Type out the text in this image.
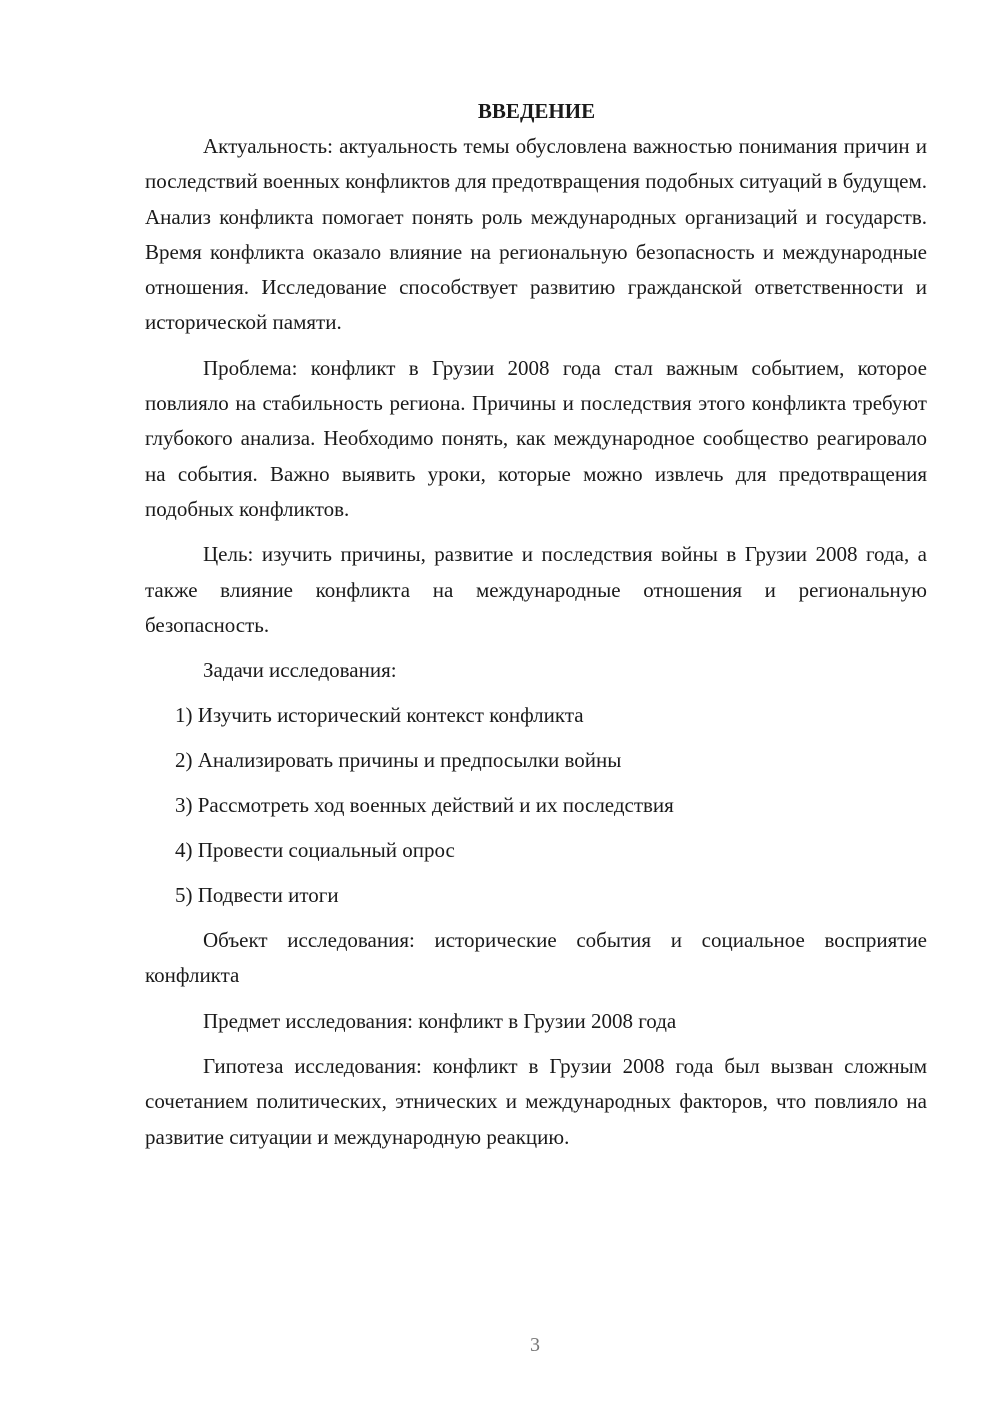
ВВЕДЕНИЕ

Актуальность: актуальность темы обусловлена важностью понимания причин и последствий военных конфликтов для предотвращения подобных ситуаций в будущем. Анализ конфликта помогает понять роль международных организаций и государств. Время конфликта оказало влияние на региональную безопасность и международные отношения. Исследование способствует развитию гражданской ответственности и исторической памяти.

Проблема: конфликт в Грузии 2008 года стал важным событием, которое повлияло на стабильность региона. Причины и последствия этого конфликта требуют глубокого анализа. Необходимо понять, как международное сообщество реагировало на события. Важно выявить уроки, которые можно извлечь для предотвращения подобных конфликтов.

Цель: изучить причины, развитие и последствия войны в Грузии 2008 года, а также влияние конфликта на международные отношения и региональную безопасность.

Задачи исследования:
1) Изучить исторический контекст конфликта
2) Анализировать причины и предпосылки войны
3) Рассмотреть ход военных действий и их последствия
4) Провести социальный опрос
5) Подвести итоги

Объект исследования: исторические события и социальное восприятие конфликта

Предмет исследования: конфликт в Грузии 2008 года

Гипотеза исследования: конфликт в Грузии 2008 года был вызван сложным сочетанием политических, этнических и международных факторов, что повлияло на развитие ситуации и международную реакцию.

3
